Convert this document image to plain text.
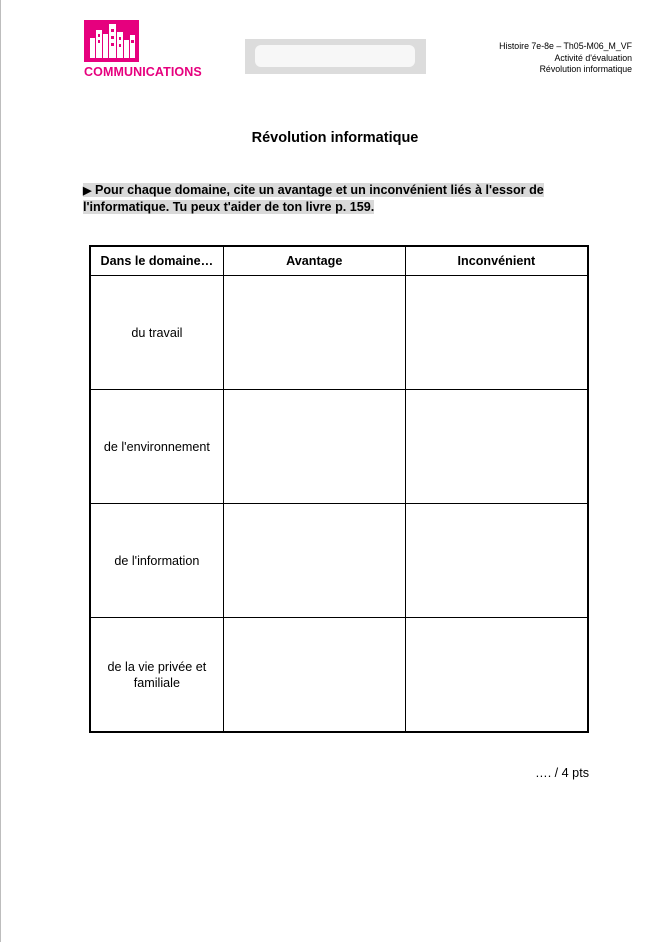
COMMUNICATIONS
Histoire 7e-8e – Th05-M06_M_VF
Activité d'évaluation
Révolution informatique
Révolution informatique
▶ Pour chaque domaine, cite un avantage et un inconvénient liés à l'essor de l'informatique. Tu peux t'aider de ton livre p. 159.
Dans le domaine…	Avantage	Inconvénient
du travail		
de l'environnement		
de l'information		
de la vie privée et familiale		
…. / 4 pts
